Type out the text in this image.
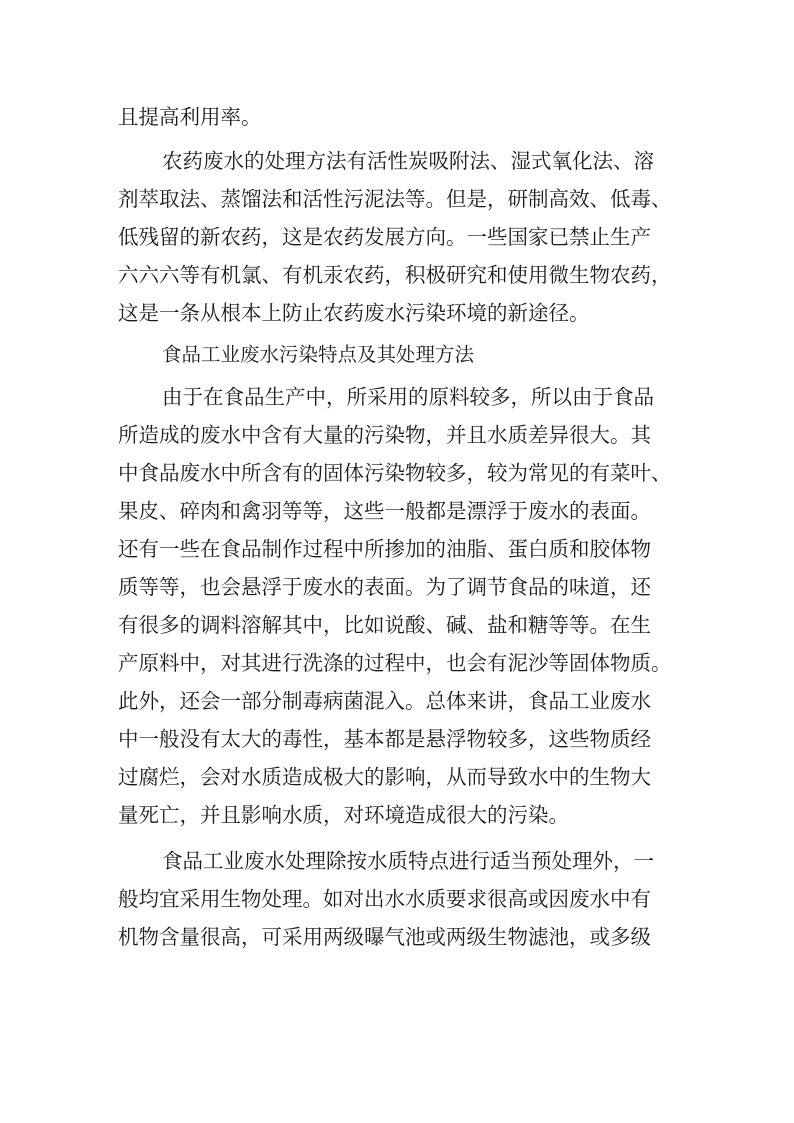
且提高利用率。
农药废水的处理方法有活性炭吸附法、湿式氧化法、溶
剂萃取法、蒸馏法和活性污泥法等。但是，研制高效、低毒、
低残留的新农药，这是农药发展方向。一些国家已禁止生产
六六六等有机氯、有机汞农药，积极研究和使用微生物农药，
这是一条从根本上防止农药废水污染环境的新途径。
食品工业废水污染特点及其处理方法
由于在食品生产中，所采用的原料较多，所以由于食品
所造成的废水中含有大量的污染物，并且水质差异很大。其
中食品废水中所含有的固体污染物较多，较为常见的有菜叶、
果皮、碎肉和禽羽等等，这些一般都是漂浮于废水的表面。
还有一些在食品制作过程中所掺加的油脂、蛋白质和胶体物
质等等，也会悬浮于废水的表面。为了调节食品的味道，还
有很多的调料溶解其中，比如说酸、碱、盐和糖等等。在生
产原料中，对其进行洗涤的过程中，也会有泥沙等固体物质。
此外，还会一部分制毒病菌混入。总体来讲，食品工业废水
中一般没有太大的毒性，基本都是悬浮物较多，这些物质经
过腐烂，会对水质造成极大的影响，从而导致水中的生物大
量死亡，并且影响水质，对环境造成很大的污染。
食品工业废水处理除按水质特点进行适当预处理外，一
般均宜采用生物处理。如对出水水质要求很高或因废水中有
机物含量很高，可采用两级曝气池或两级生物滤池，或多级
